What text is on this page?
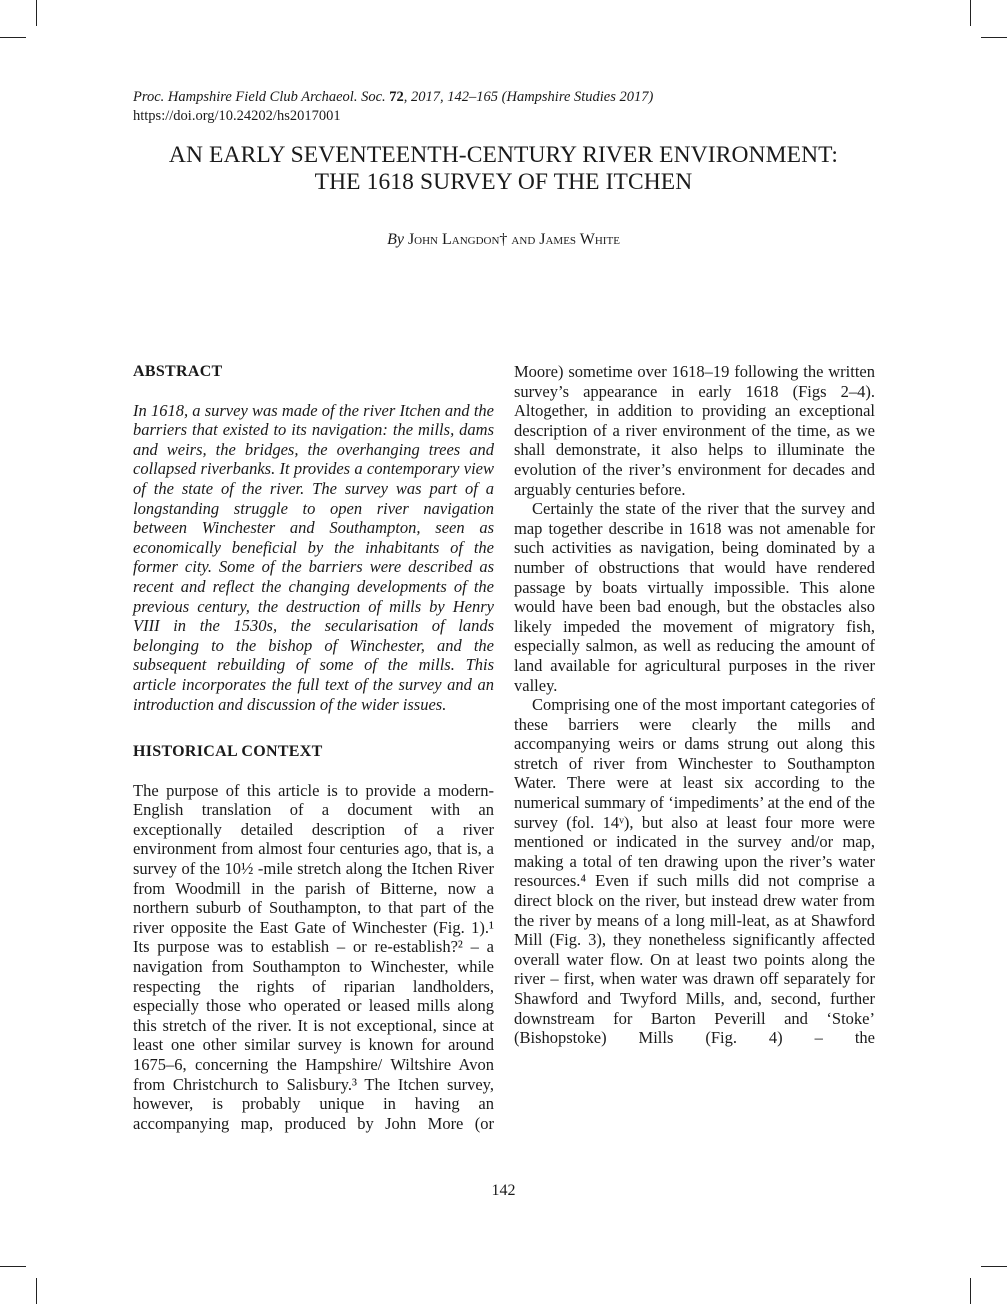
Proc. Hampshire Field Club Archaeol. Soc. 72, 2017, 142–165 (Hampshire Studies 2017)
https://doi.org/10.24202/hs2017001
AN EARLY SEVENTEENTH-CENTURY RIVER ENVIRONMENT:
THE 1618 SURVEY OF THE ITCHEN
By John Langdon† and James White
ABSTRACT

In 1618, a survey was made of the river Itchen and the barriers that existed to its navigation: the mills, dams and weirs, the bridges, the overhanging trees and collapsed riverbanks. It provides a contemporary view of the state of the river. The survey was part of a longstanding struggle to open river navigation between Winchester and Southampton, seen as economically beneficial by the inhabitants of the former city. Some of the barriers were described as recent and reflect the changing developments of the previous century, the destruction of mills by Henry VIII in the 1530s, the secularisation of lands belonging to the bishop of Winchester, and the subsequent rebuilding of some of the mills. This article incorporates the full text of the survey and an introduction and discussion of the wider issues.

HISTORICAL CONTEXT

The purpose of this article is to provide a modern-English translation of a document with an exceptionally detailed description of a river environment from almost four centuries ago, that is, a survey of the 10½ -mile stretch along the Itchen River from Woodmill in the parish of Bitterne, now a northern suburb of Southampton, to that part of the river opposite the East Gate of Winchester (Fig. 1).¹ Its purpose was to establish – or re-establish?² – a navigation from Southampton to Winchester, while respecting the rights of riparian landholders, especially those who operated or leased mills along this stretch of the river. It is not exceptional, since at least one other similar survey is known for around 1675–6, concerning the Hampshire/ Wiltshire Avon from Christchurch to Salisbury.³ The Itchen survey, however, is probably unique in having an accompanying map, produced by John More (or

Moore) sometime over 1618–19 following the written survey’s appearance in early 1618 (Figs 2–4). Altogether, in addition to providing an exceptional description of a river environment of the time, as we shall demonstrate, it also helps to illuminate the evolution of the river’s environment for decades and arguably centuries before.

Certainly the state of the river that the survey and map together describe in 1618 was not amenable for such activities as navigation, being dominated by a number of obstructions that would have rendered passage by boats virtually impossible. This alone would have been bad enough, but the obstacles also likely impeded the movement of migratory fish, especially salmon, as well as reducing the amount of land available for agricultural purposes in the river valley.

Comprising one of the most important categories of these barriers were clearly the mills and accompanying weirs or dams strung out along this stretch of river from Winchester to Southampton Water. There were at least six according to the numerical summary of ‘impediments’ at the end of the survey (fol. 14ᵛ), but also at least four more were mentioned or indicated in the survey and/or map, making a total of ten drawing upon the river’s water resources.⁴ Even if such mills did not comprise a direct block on the river, but instead drew water from the river by means of a long mill-leat, as at Shawford Mill (Fig. 3), they nonetheless significantly affected overall water flow. On at least two points along the river – first, when water was drawn off separately for Shawford and Twyford Mills, and, second, further downstream for Barton Peverill and ‘Stoke’ (Bishopstoke) Mills (Fig. 4) – the

142
